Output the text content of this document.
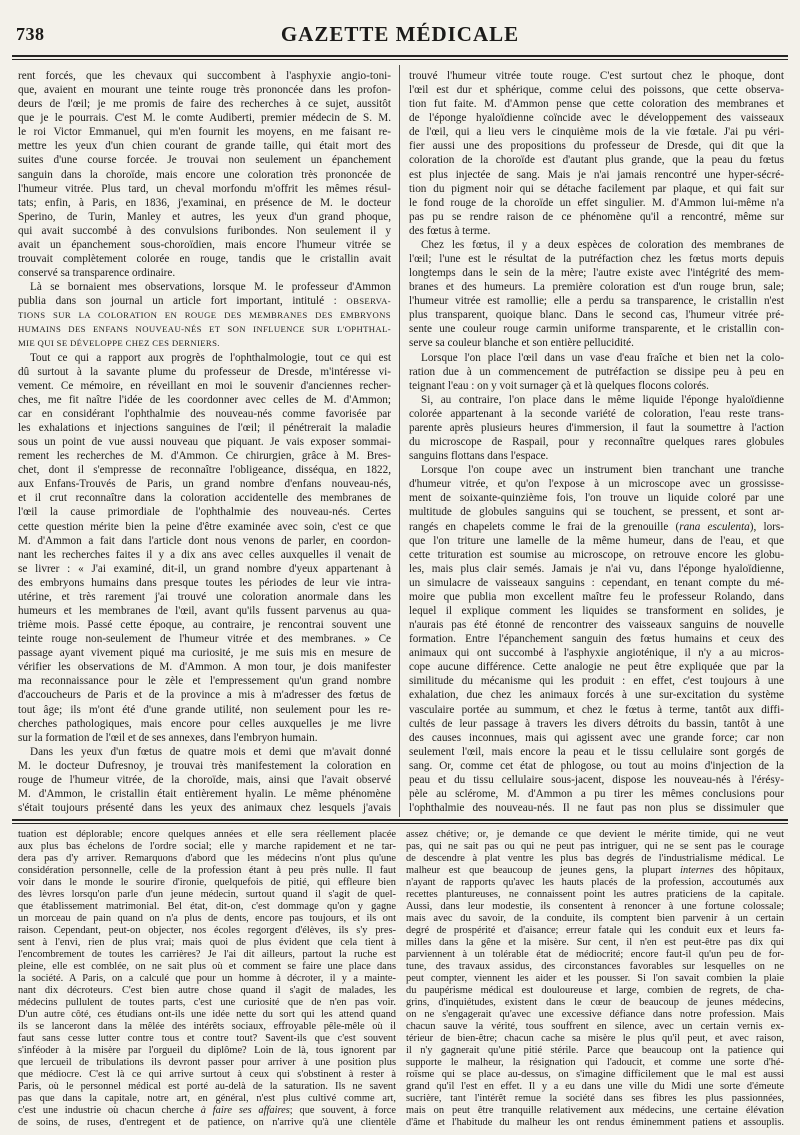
738	GAZETTE MÉDICALE
rent forcés, que les chevaux qui succombent à l'asphyxie angio-toni-
que, avaient en mourant une teinte rouge très prononcée dans les profon-
deurs de l'œil; je me promis de faire des recherches à ce sujet, aussitôt
que je le pourrais. C'est M. le comte Audiberti, premier médecin de S. M.
le roi Victor Emmanuel, qui m'en fournit les moyens, en me faisant re-
mettre les yeux d'un chien courant de grande taille, qui était mort des
suites d'une course forcée. Je trouvai non seulement un épanchement
sanguin dans la choroïde, mais encore une coloration très prononcée de
l'humeur vitrée. Plus tard, un cheval morfondu m'offrit les mêmes résul-
tats; enfin, à Paris, en 1836, j'examinai, en présence de M. le docteur
Sperino, de Turin, Manley et autres, les yeux d'un grand phoque,
qui avait succombé à des convulsions furibondes. Non seulement il y
avait un épanchement sous-choroïdien, mais encore l'humeur vitrée se
trouvait complètement colorée en rouge, tandis que le cristallin avait
conservé sa transparence ordinaire.
Là se bornaient mes observations, lorsque M. le professeur d'Ammon
publia dans son journal un article fort important, intitulé : OBSERVA-
TIONS SUR LA COLORATION EN ROUGE DES MEMBRANES DES EMBRYONS
HUMAINS DES ENFANS NOUVEAU-NÉS ET SON INFLUENCE SUR L'OPHTHAL-
MIE QUI SE DÉVELOPPE CHEZ CES DERNIERS.
Tout ce qui a rapport aux progrès de l'ophthalmologie, tout ce qui est
dû surtout à la savante plume du professeur de Dresde, m'intéresse vi-
vement. Ce mémoire, en réveillant en moi le souvenir d'anciennes recher-
ches, me fit naître l'idée de les coordonner avec celles de M. d'Ammon;
car en considérant l'ophthalmie des nouveau-nés comme favorisée par
les exhalations et injections sanguines de l'œil; il pénétrerait la maladie
sous un point de vue aussi nouveau que piquant. Je vais exposer sommai-
rement les recherches de M. d'Ammon. Ce chirurgien, grâce à M. Bres-
chet, dont il s'empresse de reconnaître l'obligeance, disséqua, en 1822,
aux Enfans-Trouvés de Paris, un grand nombre d'enfans nouveau-nés,
et il crut reconnaître dans la coloration accidentelle des membranes de
l'œil la cause primordiale de l'ophthalmie des nouveau-nés. Certes
cette question mérite bien la peine d'être examinée avec soin, c'est ce que
M. d'Ammon a fait dans l'article dont nous venons de parler, en coordon-
nant les recherches faites il y a dix ans avec celles auxquelles il venait de
se livrer : « J'ai examiné, dit-il, un grand nombre d'yeux appartenant à
des embryons humains dans presque toutes les périodes de leur vie intra-
utérine, et très rarement j'ai trouvé une coloration anormale dans les
humeurs et les membranes de l'œil, avant qu'ils fussent parvenus au qua-
trième mois. Passé cette époque, au contraire, je rencontrai souvent une
teinte rouge non-seulement de l'humeur vitrée et des membranes. » Ce
passage ayant vivement piqué ma curiosité, je me suis mis en mesure de
vérifier les observations de M. d'Ammon. A mon tour, je dois manifester
ma reconnaissance pour le zèle et l'empressement qu'un grand nombre
d'accoucheurs de Paris et de la province a mis à m'adresser des fœtus de
tout âge; ils m'ont été d'une grande utilité, non seulement pour les re-
cherches pathologiques, mais encore pour celles auxquelles je me livre
sur la formation de l'œil et de ses annexes, dans l'embryon humain.
Dans les yeux d'un fœtus de quatre mois et demi que m'avait donné
M. le docteur Dufresnoy, je trouvai très manifestement la coloration en
rouge de l'humeur vitrée, de la choroïde, mais, ainsi que l'avait observé
M. d'Ammon, le cristallin était entièrement hyalin. Le même phénomène
s'était toujours présenté dans les yeux des animaux chez lesquels j'avais
trouvé l'humeur vitrée toute rouge. C'est surtout chez le phoque, dont
l'œil est dur et sphérique, comme celui des poissons, que cette observa-
tion fut faite. M. d'Ammon pense que cette coloration des membranes et
de l'éponge hyaloïdienne coïncide avec le développement des vaisseaux
de l'œil, qui a lieu vers le cinquième mois de la vie fœtale. J'ai pu véri-
fier aussi une des propositions du professeur de Dresde, qui dit que la
coloration de la choroïde est d'autant plus grande, que la peau du fœtus
est plus injectée de sang. Mais je n'ai jamais rencontré une hyper-sécré-
tion du pigment noir qui se détache facilement par plaque, et qui fait sur
le fond rouge de la choroïde un effet singulier. M. d'Ammon lui-même n'a
pas pu se rendre raison de ce phénomène qu'il a rencontré, même sur
des fœtus à terme.
Chez les fœtus, il y a deux espèces de coloration des membranes de
l'œil; l'une est le résultat de la putréfaction chez les fœtus morts depuis
longtemps dans le sein de la mère; l'autre existe avec l'intégrité des mem-
branes et des humeurs. La première coloration est d'un rouge brun, sale;
l'humeur vitrée est ramollie; elle a perdu sa transparence, le cristallin n'est
plus transparent, quoique blanc. Dans le second cas, l'humeur vitrée pré-
sente une couleur rouge carmin uniforme transparente, et le cristallin con-
serve sa couleur blanche et son entière pellucidité.
Lorsque l'on place l'œil dans un vase d'eau fraîche et bien net la colo-
ration due à un commencement de putréfaction se dissipe peu à peu en
teignant l'eau : on y voit surnager çà et là quelques flocons colorés.
Si, au contraire, l'on place dans le même liquide l'éponge hyaloïdienne
colorée appartenant à la seconde variété de coloration, l'eau reste trans-
parente après plusieurs heures d'immersion, il faut la soumettre à l'action
du microscope de Raspail, pour y reconnaître quelques rares globules
sanguins flottans dans l'espace.
Lorsque l'on coupe avec un instrument bien tranchant une tranche
d'humeur vitrée, et qu'on l'expose à un microscope avec un grossisse-
ment de soixante-quinzième fois, l'on trouve un liquide coloré par une
multitude de globules sanguins qui se touchent, se pressent, et sont ar-
rangés en chapelets comme le frai de la grenouille (rana esculenta), lors-
que l'on triture une lamelle de la même humeur, dans de l'eau, et que
cette trituration est soumise au microscope, on retrouve encore les globu-
les, mais plus clair semés. Jamais je n'ai vu, dans l'éponge hyaloïdienne,
un simulacre de vaisseaux sanguins : cependant, en tenant compte du mé-
moire que publia mon excellent maître feu le professeur Rolando, dans
lequel il explique comment les liquides se transforment en solides, je
n'aurais pas été étonné de rencontrer des vaisseaux sanguins de nouvelle
formation. Entre l'épanchement sanguin des fœtus humains et ceux des
animaux qui ont succombé à l'asphyxie angioténique, il n'y a au micros-
cope aucune différence. Cette analogie ne peut être expliquée que par la
similitude du mécanisme qui les produit : en effet, c'est toujours à une
exhalation, due chez les animaux forcés à une sur-excitation du système
vasculaire portée au summum, et chez le fœtus à terme, tantôt aux diffi-
cultés de leur passage à travers les divers détroits du bassin, tantôt à une
des causes inconnues, mais qui agissent avec une grande force; car non
seulement l'œil, mais encore la peau et le tissu cellulaire sont gorgés de
sang. Or, comme cet état de phlogose, ou tout au moins d'injection de la
peau et du tissu cellulaire sous-jacent, dispose les nouveau-nés à l'érésy-
pèle au sclérome, M. d'Ammon a pu tirer les mêmes conclusions pour
l'ophthalmie des nouveau-nés. Il ne faut pas non plus se dissimuler que
tuation est déplorable; encore quelques années et elle sera réellement placée
aux plus bas échelons de l'ordre social; elle y marche rapidement et ne tar-
dera pas d'y arriver. Remarquons d'abord que les médecins n'ont plus qu'une
considération personnelle, celle de la profession étant à peu près nulle. Il faut
voir dans le monde le sourire d'ironie, quelquefois de pitié, qui effleure bien
des lèvres lorsqu'on parle d'un jeune médecin, surtout quand il s'agit de quel-
que établissement matrimonial. Bel état, dit-on, c'est dommage qu'on y gagne
un morceau de pain quand on n'a plus de dents, encore pas toujours, et ils ont
raison. Cependant, peut-on objecter, nos écoles regorgent d'élèves, ils s'y pres-
sent à l'envi, rien de plus vrai; mais quoi de plus évident que cela tient à
l'encombrement de toutes les carrières? Je l'ai dit ailleurs, partout la ruche est
pleine, elle est comblée, on ne sait plus où et comment se faire une place dans
la société. A Paris, on a calculé que pour un homme à décroter, il y a mainte-
nant dix décroteurs. C'est bien autre chose quand il s'agit de malades, les
médecins pullulent de toutes parts, c'est une curiosité que de n'en pas voir.
D'un autre côté, ces étudians ont-ils une idée nette du sort qui les attend quand
ils se lanceront dans la mêlée des intérêts sociaux, effroyable pêle-mêle où il
faut sans cesse lutter contre tous et contre tout? Savent-ils que c'est souvent
s'inféoder à la misère par l'orgueil du diplôme? Loin de là, tous ignorent par
que lercueil de tribulations ils devront passer pour arriver à une position plus
que médiocre. C'est là ce qui arrive surtout à ceux qui s'obstinent à rester à
Paris, où le personnel médical est porté au-delà de la saturation. Ils ne savent
pas que dans la capitale, notre art, en général, n'est plus cultivé comme art,
c'est une industrie où chacun cherche à faire ses affaires; que souvent, à force
de soins, de ruses, d'entregent et de patience, on n'arrive qu'à une clientèle
assez chétive; or, je demande ce que devient le mérite timide, qui ne veut
pas, qui ne sait pas ou qui ne peut pas intriguer, qui ne se sent pas le courage
de descendre à plat ventre les plus bas degrés de l'industrialisme médical. Le
malheur est que beaucoup de jeunes gens, la plupart internes des hôpitaux,
n'ayant de rapports qu'avec les hauts placés de la profession, accoutumés aux
recettes plantureuses, ne connaissent point les autres praticiens de la capitale.
Aussi, dans leur modestie, ils consentent à renoncer à une fortune colossale;
mais avec du savoir, de la conduite, ils comptent bien parvenir à un certain
degré de prospérité et d'aisance; erreur fatale qui les conduit eux et leurs fa-
milles dans la gêne et la misère. Sur cent, il n'en est peut-être pas dix qui
parviennent à un tolérable état de médiocrité; encore faut-il qu'un peu de for-
tune, des travaux assidus, des circonstances favorables sur lesquelles on ne
peut compter, viennent les aider et les pousser. Si l'on savait combien la plaie
du paupérisme médical est douloureuse et large, combien de regrets, de cha-
grins, d'inquiétudes, existent dans le cœur de beaucoup de jeunes médecins,
on ne s'engagerait qu'avec une excessive défiance dans notre profession. Mais
chacun sauve la vérité, tous souffrent en silence, avec un certain vernis ex-
térieur de bien-être; chacun cache sa misère le plus qu'il peut, et avec raison,
il n'y gagnerait qu'une pitié stérile. Parce que beaucoup ont la patience qui
supporte le malheur, la résignation qui l'adoucit, et comme une sorte d'hé-
roïsme qui se place au-dessus, on s'imagine difficilement que le mal est aussi
grand qu'il l'est en effet. Il y a eu dans une ville du Midi une sorte d'émeute
sucrière, tant l'intérêt remue la société dans ses fibres les plus passionnées,
mais on peut être tranquille relativement aux médecins, une certaine élévation
d'âme et l'habitude du malheur les ont rendus éminemment patiens et assouplis.
